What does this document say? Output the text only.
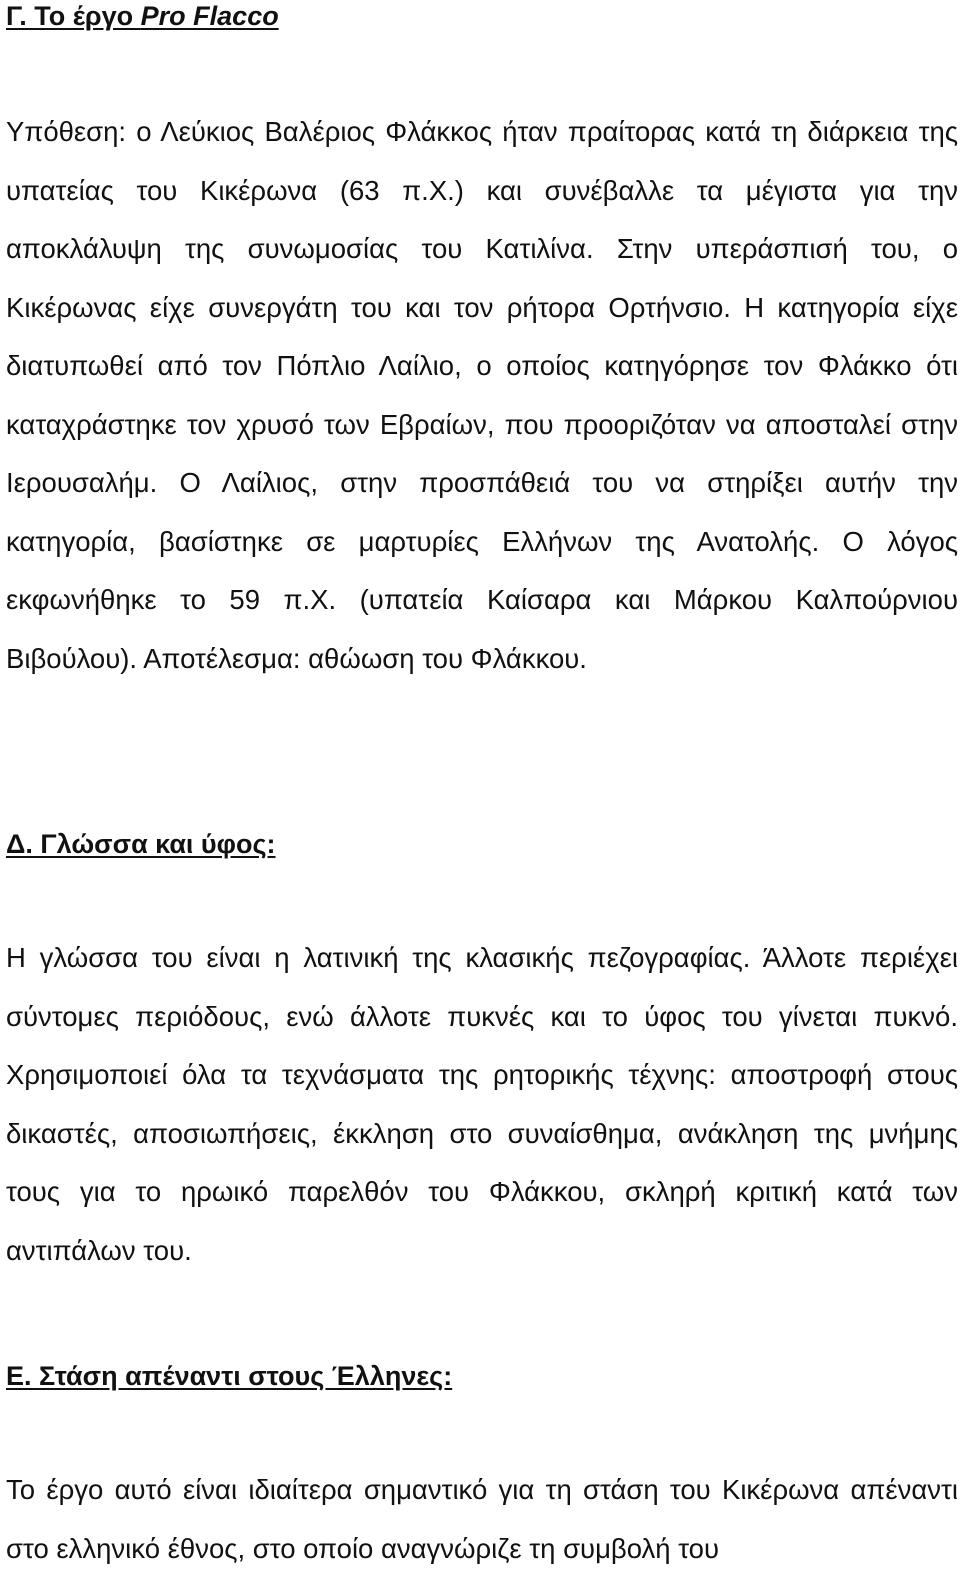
Γ. Το έργο Pro Flacco

Υπόθεση: ο Λεύκιος Βαλέριος Φλάκκος ήταν πραίτορας κατά τη διάρκεια της υπατείας του Κικέρωνα (63 π.Χ.) και συνέβαλλε τα μέγιστα για την αποκλάλυψη της συνωμοσίας του Κατιλίνα. Στην υπεράσπισή του, ο Κικέρωνας είχε συνεργάτη του και τον ρήτορα Ορτήνσιο. Η κατηγορία είχε διατυπωθεί από τον Πόπλιο Λαίλιο, ο οποίος κατηγόρησε τον Φλάκκο ότι καταχράστηκε τον χρυσό των Εβραίων, που προοριζόταν να αποσταλεί στην Ιερουσαλήμ. Ο Λαίλιος, στην προσπάθειά του να στηρίξει αυτήν την κατηγορία, βασίστηκε σε μαρτυρίες Ελλήνων της Ανατολής. Ο λόγος εκφωνήθηκε το 59 π.Χ. (υπατεία Καίσαρα και Μάρκου Καλπούρνιου Βιβούλου). Αποτέλεσμα: αθώωση του Φλάκκου.

Δ. Γλώσσα και ύφος:

Η γλώσσα του είναι η λατινική της κλασικής πεζογραφίας. Άλλοτε περιέχει σύντομες περιόδους, ενώ άλλοτε πυκνές και το ύφος του γίνεται πυκνό. Χρησιμοποιεί όλα τα τεχνάσματα της ρητορικής τέχνης: αποστροφή στους δικαστές, αποσιωπήσεις, έκκληση στο συναίσθημα, ανάκληση της μνήμης τους για το ηρωικό παρελθόν του Φλάκκου, σκληρή κριτική κατά των αντιπάλων του.

Ε. Στάση απέναντι στους Έλληνες:

Το έργο αυτό είναι ιδιαίτερα σημαντικό για τη στάση του Κικέρωνα απέναντι στο ελληνικό έθνος, στο οποίο αναγνώριζε τη συμβολή του
